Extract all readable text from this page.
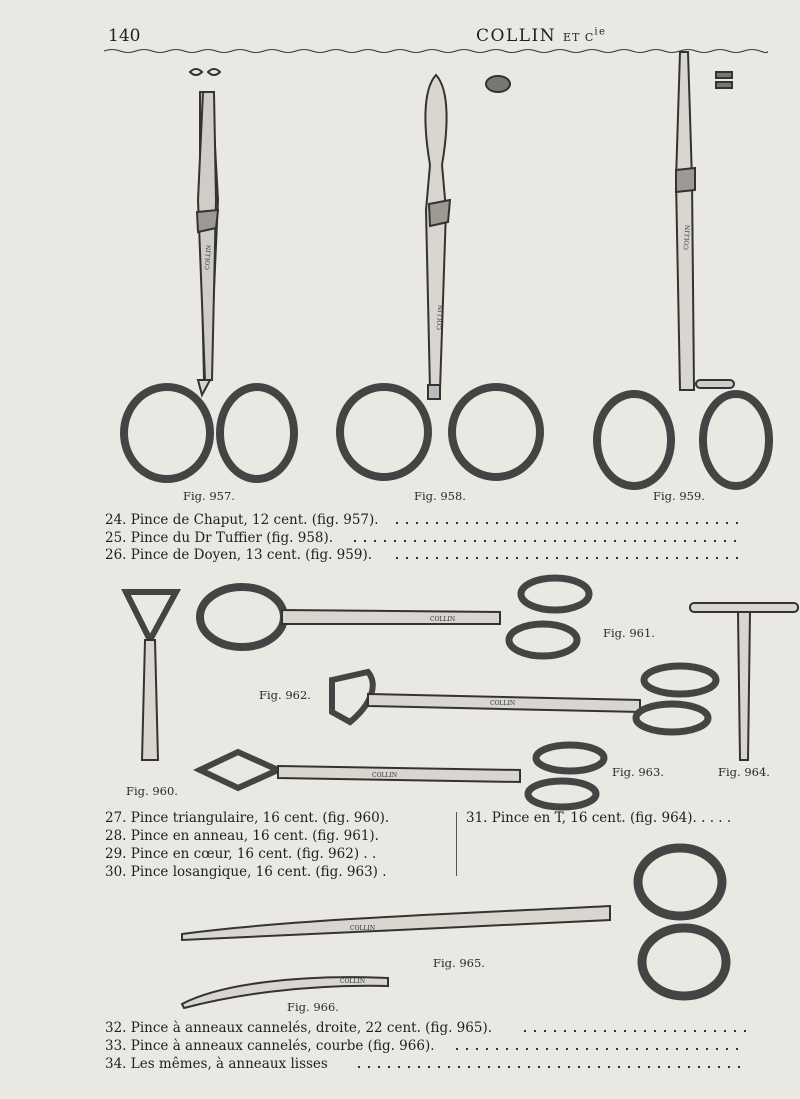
140	COLLIN ET $C^{ie}$
COLLIN
COLLIN
COLLIN
COLLIN
COLLIN
COLLIN
COLLIN
COLLIN
Fig. 957.	Fig. 958.	Fig. 959.
Fig. 960.
Fig. 961.
Fig. 962.
Fig. 963.	Fig. 964.
Fig. 965.
Fig. 966.
24. Pince de Chaput, 12 cent. (fig. 957).
25. Pince du Dr Tuffier (fig. 958).
26. Pince de Doyen, 13 cent. (fig. 959).
27. Pince triangulaire, 16 cent. (fig. 960).
28. Pince en anneau, 16 cent. (fig. 961).
29. Pince en cœur, 16 cent. (fig. 962) . .
30. Pince losangique, 16 cent. (fig. 963) .
31. Pince en T, 16 cent. (fig. 964). . . . .
32. Pince à anneaux cannelés, droite, 22 cent. (fig. 965).
33. Pince à anneaux cannelés, courbe (fig. 966).
34. Les mêmes, à anneaux lisses
